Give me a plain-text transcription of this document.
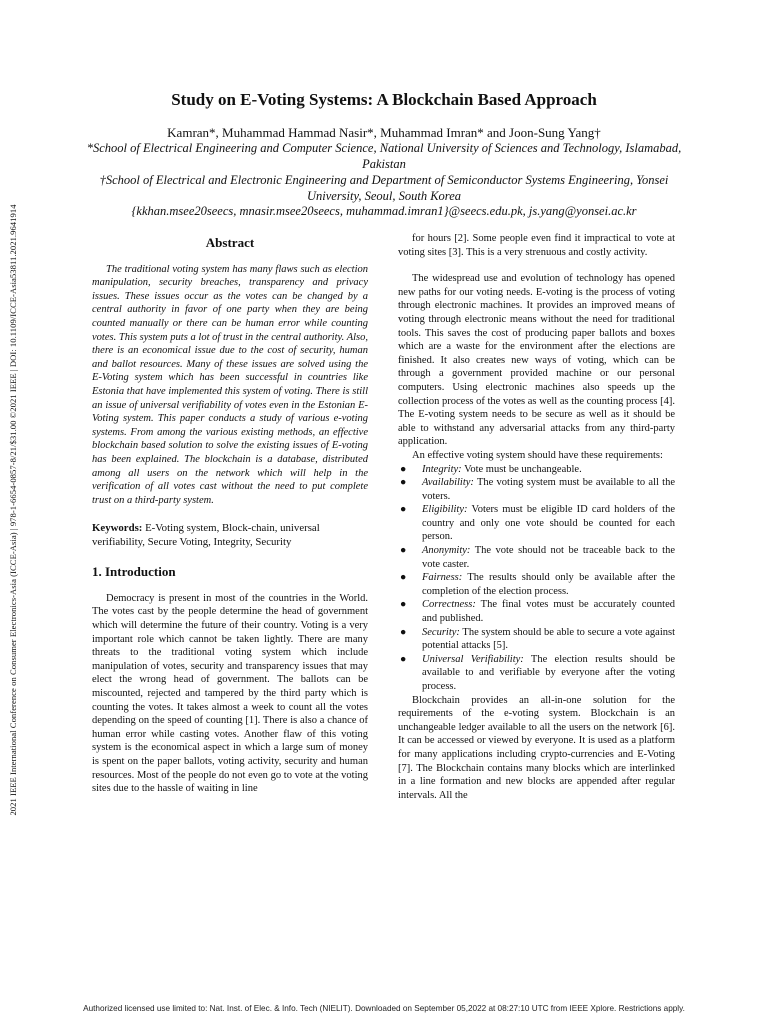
2021 IEEE International Conference on Consumer Electronics-Asia (ICCE-Asia) | 978-1-6654-0857-8/21/$31.00 ©2021 IEEE | DOI: 10.1109/ICCE-Asia53811.2021.9641914
Study on E-Voting Systems: A Blockchain Based Approach
Kamran*, Muhammad Hammad Nasir*, Muhammad Imran* and Joon-Sung Yang†
*School of Electrical Engineering and Computer Science, National University of Sciences and Technology, Islamabad, Pakistan
†School of Electrical and Electronic Engineering and Department of Semiconductor Systems Engineering, Yonsei University, Seoul, South Korea
{kkhan.msee20seecs, mnasir.msee20seecs, muhammad.imran1}@seecs.edu.pk, js.yang@yonsei.ac.kr
Abstract

The traditional voting system has many flaws such as election manipulation, security breaches, transparency and privacy issues. These issues occur as the votes can be changed by a central authority in favor of one party when they are being counted manually or there can be human error while counting votes. This system puts a lot of trust in the central authority. Also, there is an economical issue due to the cost of security, human and ballot resources. Many of these issues are solved using the E-Voting system which has been successful in countries like Estonia that have implemented this system of voting. There is still an issue of universal verifiability of votes even in the Estonian E-Voting system. This paper conducts a study of various e-voting systems. From among the various existing methods, an effective blockchain based solution to solve the existing issues of E-voting has been explained. The blockchain is a database, distributed among all users on the network which will help in the verification of all votes cast without the need to put complete trust on a third-party system.

Keywords: E-Voting system, Block-chain, universal verifiability, Secure Voting, Integrity, Security

1. Introduction

Democracy is present in most of the countries in the World. The votes cast by the people determine the head of government which will determine the future of their country. Voting is a very important role which cannot be taken lightly. There are many threats to the traditional voting system which include manipulation of votes, security and transparency issues that may elect the wrong head of government. The ballots can be miscounted, rejected and tampered by the third party which is counting the votes. It takes almost a week to count all the votes depending on the speed of counting [1]. There is also a chance of human error while casting votes. Another flaw of this voting system is the economical aspect in which a large sum of money is spent on the paper ballots, voting activity, security and human resources. Most of the people do not even go to vote at the voting sites due to the hassle of waiting in line

for hours [2]. Some people even find it impractical to vote at voting sites [3]. This is a very strenuous and costly activity.

The widespread use and evolution of technology has opened new paths for our voting needs. E-voting is the process of voting through electronic machines. It provides an improved means of voting through electronic means without the need for traditional tools. This saves the cost of producing paper ballots and boxes which are a waste for the environment after the elections are finished. It also creates new ways of voting, which can be through a government provided machine or our personal computers. Using electronic machines also speeds up the collection process of the votes as well as the counting process [4]. The E-voting system needs to be secure as well as it should be able to withstand any adversarial attacks from any third-party application.

An effective voting system should have these requirements:

● Integrity: Vote must be unchangeable.
● Availability: The voting system must be available to all the voters.
● Eligibility: Voters must be eligible ID card holders of the country and only one vote should be counted for each person.
● Anonymity: The vote should not be traceable back to the vote caster.
● Fairness: The results should only be available after the completion of the election process.
● Correctness: The final votes must be accurately counted and published.
● Security: The system should be able to secure a vote against potential attacks [5].
● Universal Verifiability: The election results should be available to and verifiable by everyone after the voting process.

Blockchain provides an all-in-one solution for the requirements of the e-voting system. Blockchain is an unchangeable ledger available to all the users on the network [6]. It can be accessed or viewed by everyone. It is used as a platform for many applications including crypto-currencies and E-Voting [7]. The Blockchain contains many blocks which are interlinked in a line formation and new blocks are appended after regular intervals. All the

Authorized licensed use limited to: Nat. Inst. of Elec. & Info. Tech (NIELIT). Downloaded on September 05,2022 at 08:27:10 UTC from IEEE Xplore. Restrictions apply.
